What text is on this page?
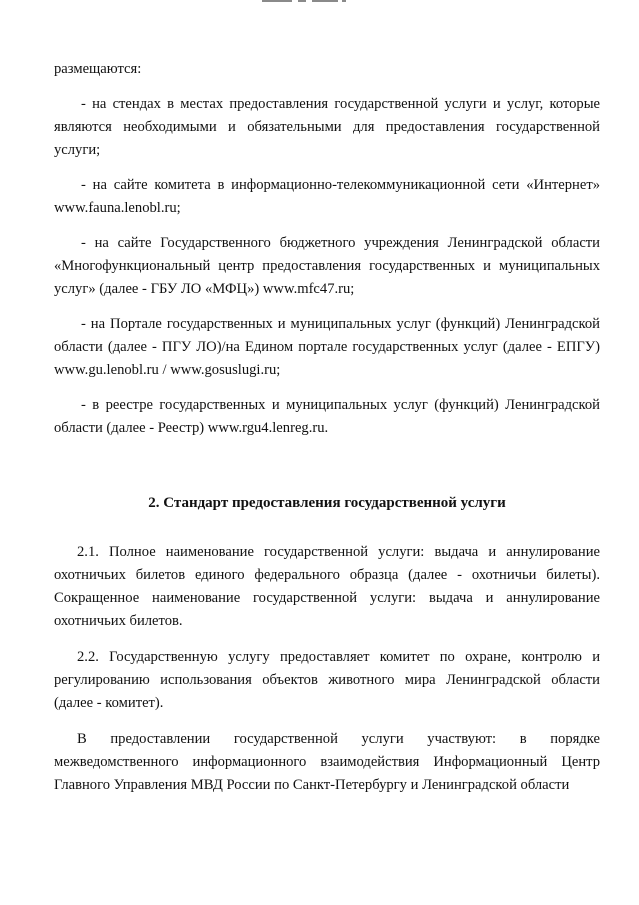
размещаются:

- на стендах в местах предоставления государственной услуги и услуг, которые являются необходимыми и обязательными для предоставления государственной услуги;

- на сайте комитета в информационно-телекоммуникационной сети «Интернет» www.fauna.lenobl.ru;

- на сайте Государственного бюджетного учреждения Ленинградской области «Многофункциональный центр предоставления государственных и муниципальных услуг» (далее - ГБУ ЛО «МФЦ») www.mfc47.ru;

- на Портале государственных и муниципальных услуг (функций) Ленинградской области (далее - ПГУ ЛО)/на Едином портале государственных услуг (далее - ЕПГУ) www.gu.lenobl.ru / www.gosuslugi.ru;

- в реестре государственных и муниципальных услуг (функций) Ленинградской области (далее - Реестр) www.rgu4.lenreg.ru.

2. Стандарт предоставления государственной услуги

2.1. Полное наименование государственной услуги: выдача и аннулирование охотничьих билетов единого федерального образца (далее - охотничьи билеты). Сокращенное наименование государственной услуги: выдача и аннулирование охотничьих билетов.

2.2. Государственную услугу предоставляет комитет по охране, контролю и регулированию использования объектов животного мира Ленинградской области (далее - комитет).

В предоставлении государственной услуги участвуют: в порядке межведомственного информационного взаимодействия Информационный Центр Главного Управления МВД России по Санкт-Петербургу и Ленинградской области
